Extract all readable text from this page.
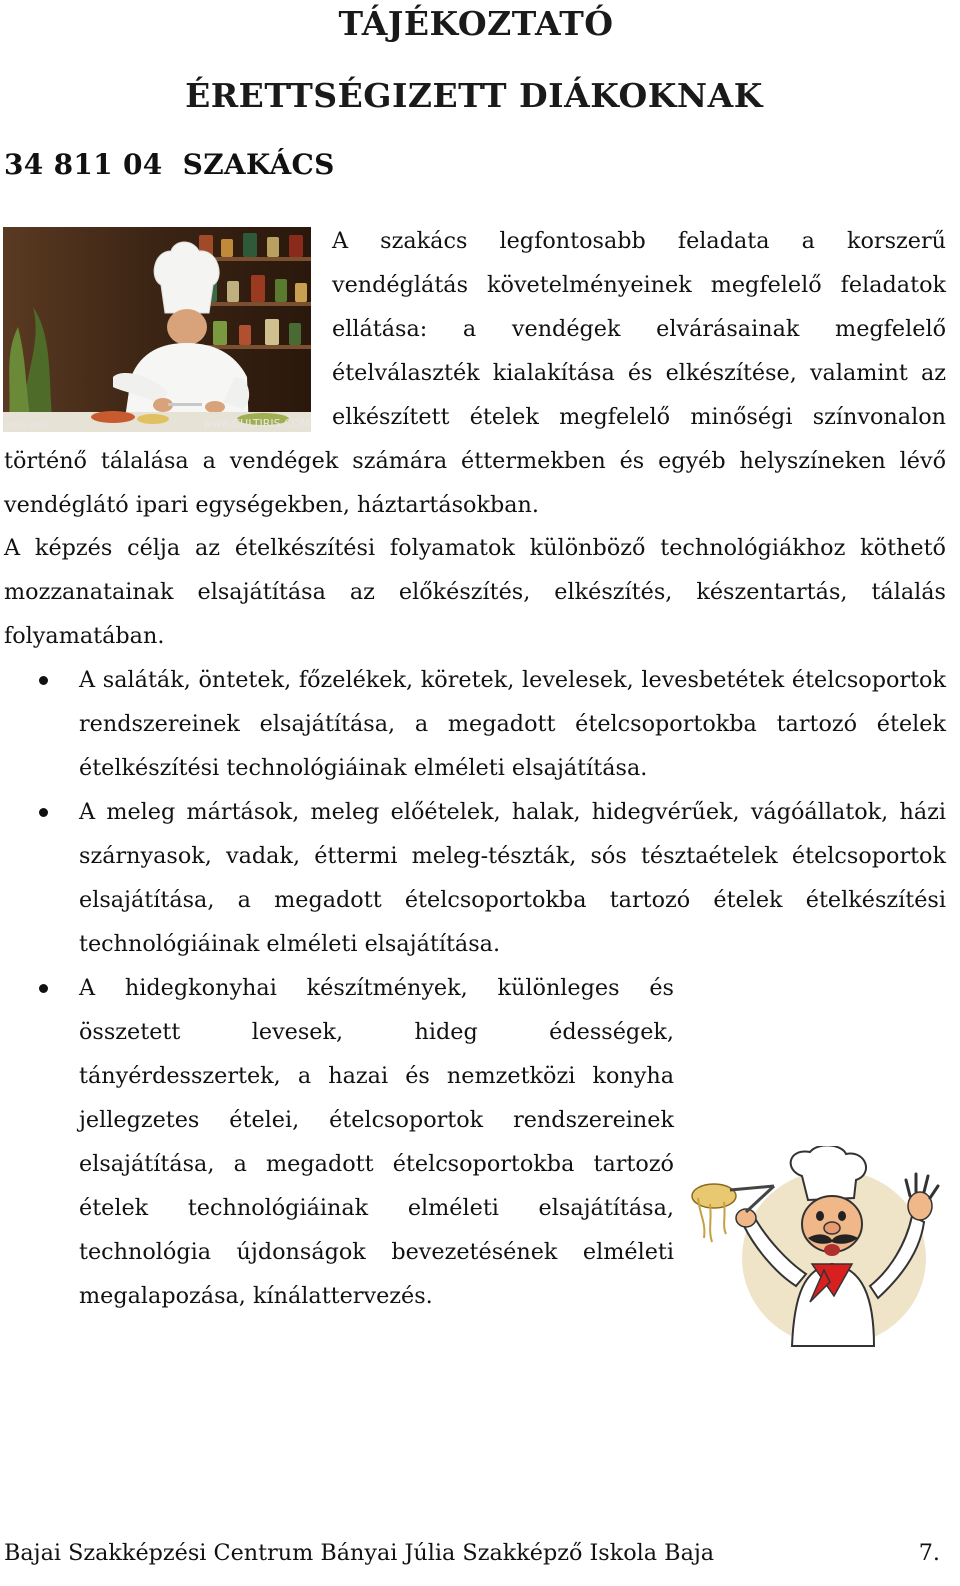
TÁJÉKOZTATÓ
ÉRETTSÉGIZETT DIÁKOKNAK
34 811 04  SZAKÁCS
www.CULTIRIS.COM
IDF DIL-48377

A szakács legfontosabb feladata a korszerű vendéglátás követelményeinek megfelelő feladatok ellátása: a vendégek elvárásainak megfelelő ételválaszték kialakítása és elkészítése, valamint az elkészített ételek megfelelő minőségi színvonalon történő tálalása a vendégek számára éttermekben és egyéb helyszíneken lévő vendéglátó ipari egységekben, háztartásokban.

A képzés célja az ételkészítési folyamatok különböző technológiákhoz köthető mozzanatainak elsajátítása az előkészítés, elkészítés, készentartás, tálalás folyamatában.

A saláták, öntetek, főzelékek, köretek, levelesek, levesbetétek ételcsoportok rendszereinek elsajátítása, a megadott ételcsoportokba tartozó ételek ételkészítési technológiáinak elméleti elsajátítása.
A meleg mártások, meleg előételek, halak, hidegvérűek, vágóállatok, házi szárnyasok, vadak, éttermi meleg-tészták, sós tésztaételek ételcsoportok elsajátítása, a megadott ételcsoportokba tartozó ételek ételkészítési technológiáinak elméleti elsajátítása.
A hidegkonyhai készítmények, különleges és összetett levesek, hideg édességek, tányérdesszertek, a hazai és nemzetközi konyha jellegzetes ételei, ételcsoportok rendszereinek elsajátítása, a megadott ételcsoportokba tartozó ételek technológiáinak elméleti elsajátítása, technológia újdonságok bevezetésének elméleti megalapozása, kínálattervezés.
Bajai Szakképzési Centrum Bányai Júlia Szakképző Iskola Baja	7.
